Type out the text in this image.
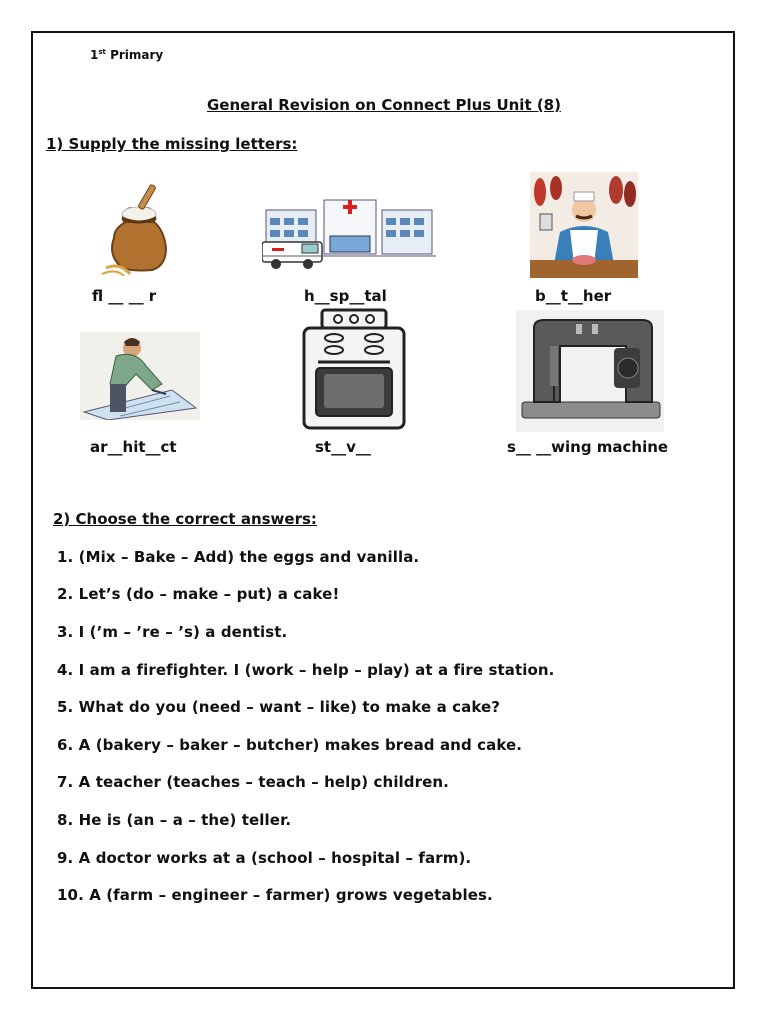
1st Primary
General Revision on Connect Plus Unit (8)
1) Supply the missing letters:
fl __ __ r	h__sp__tal	b__t__her
ar__hit__ct	st__v__	s__ __wing machine
2) Choose the correct answers:
1. (Mix – Bake – Add) the eggs and vanilla.
2. Let’s (do – make – put) a cake!
3. I (’m – ’re – ’s) a dentist.
4. I am a firefighter. I (work – help – play) at a fire station.
5. What do you (need – want – like) to make a cake?
6. A (bakery – baker – butcher) makes bread and cake.
7. A teacher (teaches – teach – help) children.
8. He is (an – a – the) teller.
9. A doctor works at a (school – hospital – farm).
10. A (farm – engineer – farmer) grows vegetables.
